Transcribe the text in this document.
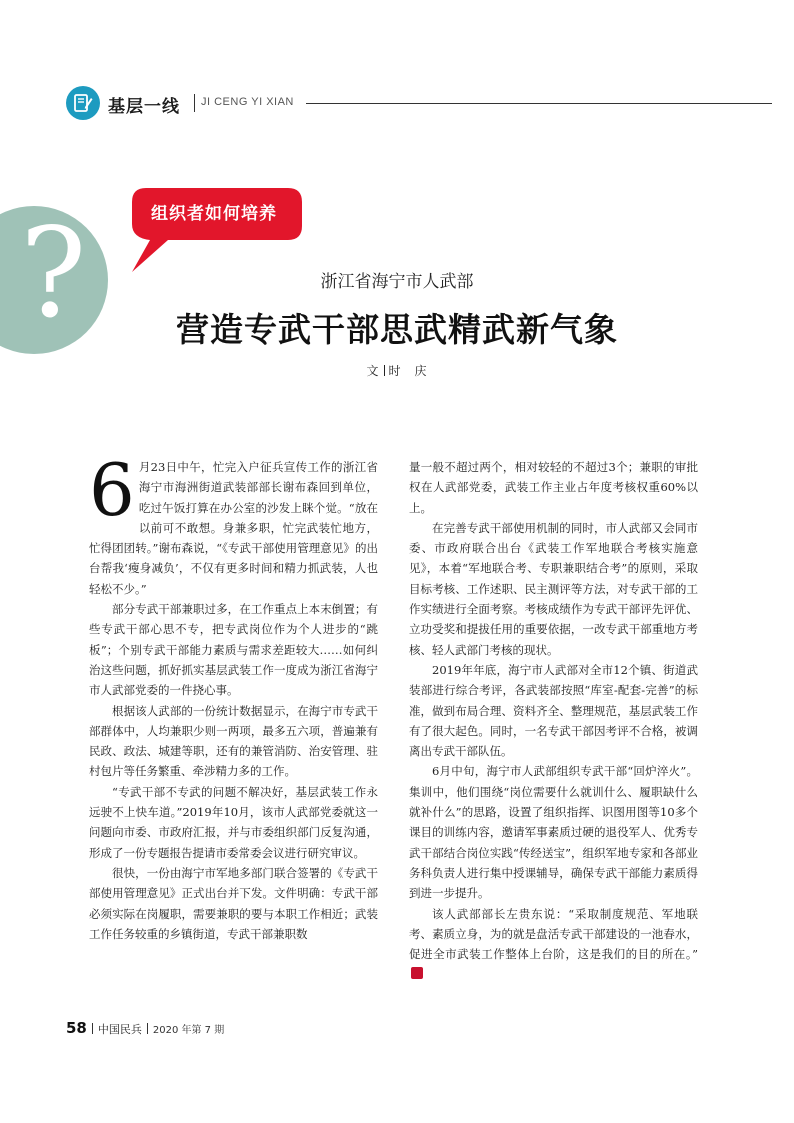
基层一线 JI CENG YI XIAN
?	组织者如何培养
浙江省海宁市人武部
营造专武干部思武精武新气象
文 时　庆

6 月23日中午，忙完入户征兵宣传工作的浙江省海宁市海洲街道武装部部长谢布森回到单位，吃过午饭打算在办公室的沙发上眯个觉。“放在以前可不敢想。身兼多职，忙完武装忙地方，忙得团团转。”谢布森说，“《专武干部使用管理意见》的出台帮我‘瘦身减负’，不仅有更多时间和精力抓武装，人也轻松不少。”

部分专武干部兼职过多，在工作重点上本末倒置；有些专武干部心思不专，把专武岗位作为个人进步的“跳板”；个别专武干部能力素质与需求差距较大……如何纠治这些问题，抓好抓实基层武装工作一度成为浙江省海宁市人武部党委的一件挠心事。

根据该人武部的一份统计数据显示，在海宁市专武干部群体中，人均兼职少则一两项，最多五六项，普遍兼有民政、政法、城建等职，还有的兼管消防、治安管理、驻村包片等任务繁重、牵涉精力多的工作。

“专武干部不专武的问题不解决好，基层武装工作永远驶不上快车道。”2019年10月，该市人武部党委就这一问题向市委、市政府汇报，并与市委组织部门反复沟通，形成了一份专题报告提请市委常委会议进行研究审议。

很快，一份由海宁市军地多部门联合签署的《专武干部使用管理意见》正式出台并下发。文件明确：专武干部必须实际在岗履职，需要兼职的要与本职工作相近；武装工作任务较重的乡镇街道，专武干部兼职数

量一般不超过两个，相对较轻的不超过3个；兼职的审批权在人武部党委，武装工作主业占年度考核权重60%以上。

在完善专武干部使用机制的同时，市人武部又会同市委、市政府联合出台《武装工作军地联合考核实施意见》，本着“军地联合考、专职兼职结合考”的原则，采取目标考核、工作述职、民主测评等方法，对专武干部的工作实绩进行全面考察。考核成绩作为专武干部评先评优、立功受奖和提拔任用的重要依据，一改专武干部重地方考核、轻人武部门考核的现状。

2019年年底，海宁市人武部对全市12个镇、街道武装部进行综合考评，各武装部按照“库室-配套-完善”的标准，做到布局合理、资料齐全、整理规范，基层武装工作有了很大起色。同时，一名专武干部因考评不合格，被调离出专武干部队伍。

6月中旬，海宁市人武部组织专武干部“回炉淬火”。集训中，他们围绕“岗位需要什么就训什么、履职缺什么就补什么”的思路，设置了组织指挥、识图用图等10多个课目的训练内容，邀请军事素质过硬的退役军人、优秀专武干部结合岗位实践“传经送宝”，组织军地专家和各部业务科负责人进行集中授课辅导，确保专武干部能力素质得到进一步提升。

该人武部部长左贵东说：“采取制度规范、军地联考、素质立身，为的就是盘活专武干部建设的一池春水，促进全市武装工作整体上台阶，这是我们的目的所在。”

58 中国民兵 2020 年第 7 期
